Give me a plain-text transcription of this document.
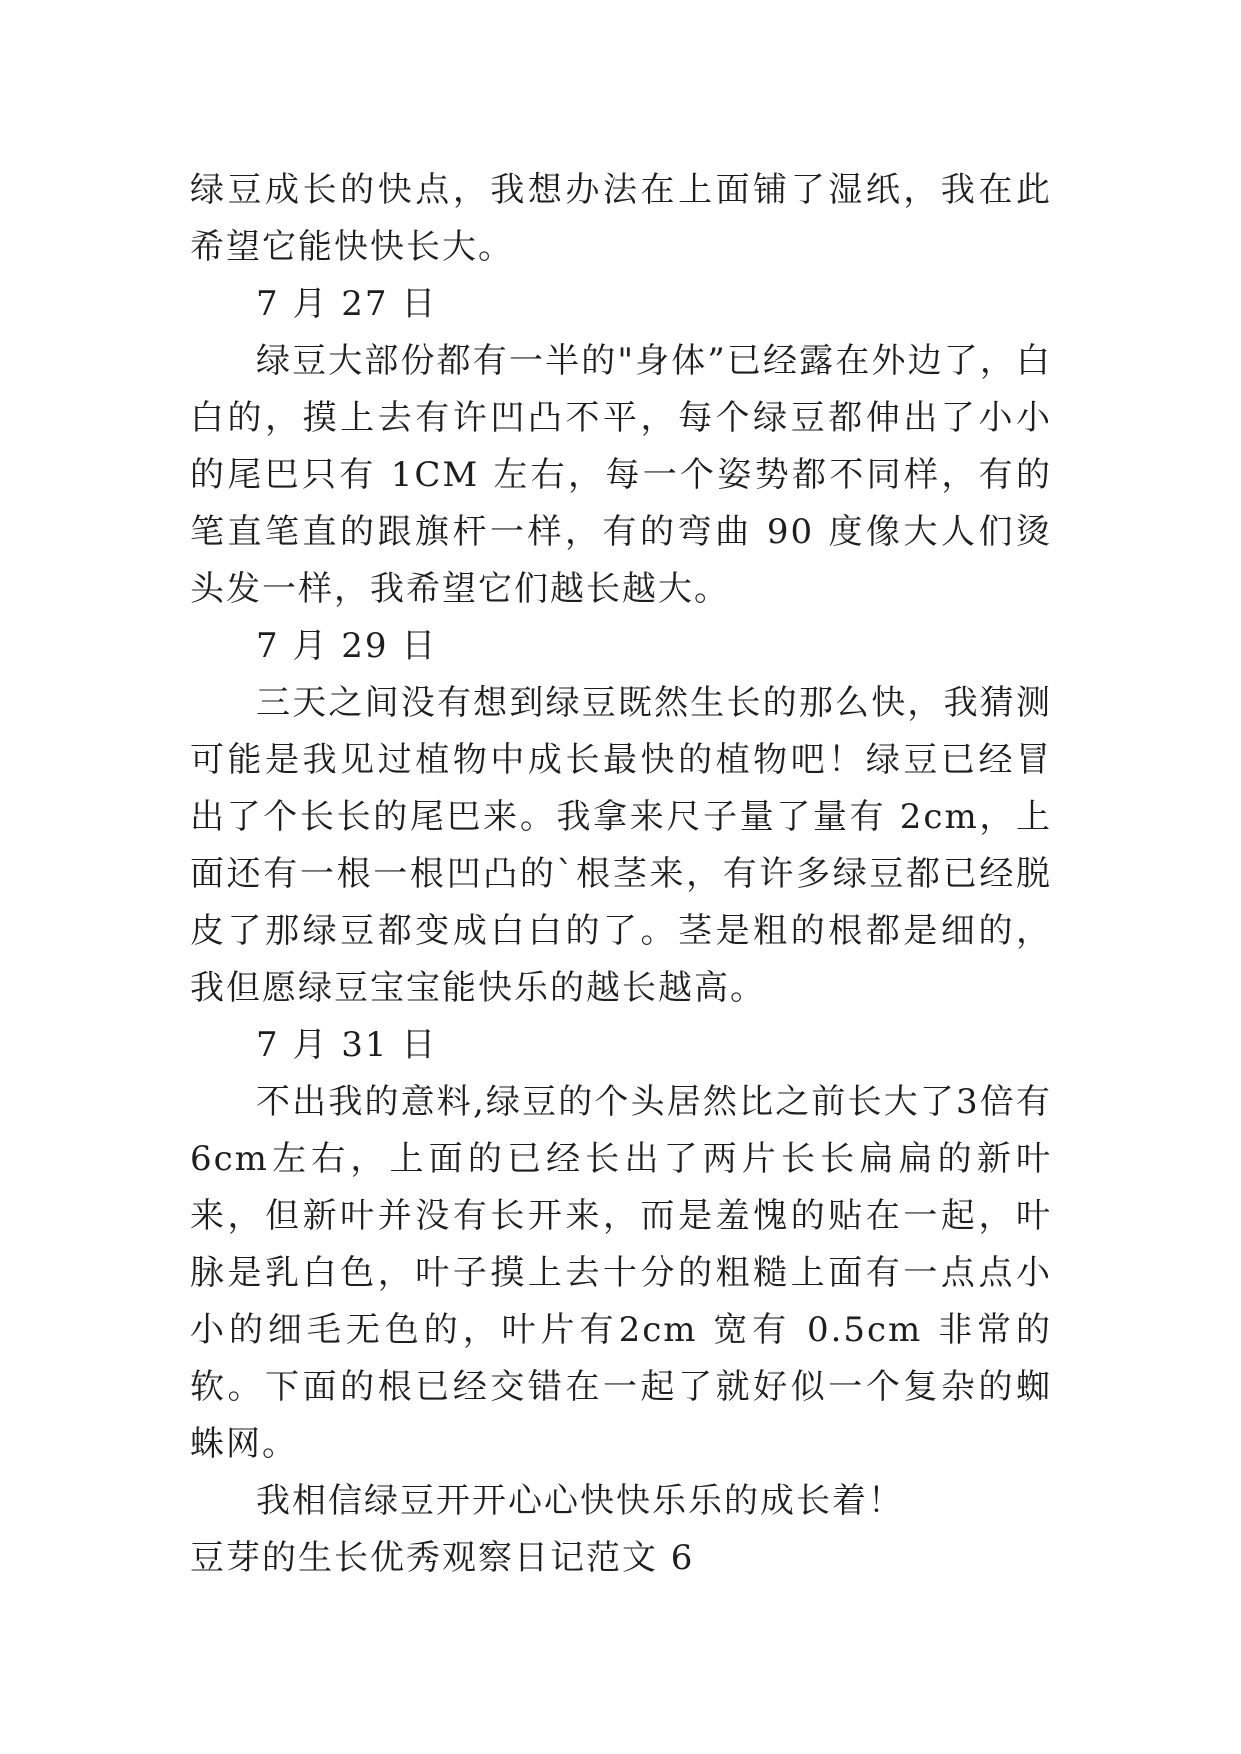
绿豆成长的快点，我想办法在上面铺了湿纸，我在此希望它能快快长大。

7 月 27 日

绿豆大部份都有一半的"身体”已经露在外边了，白白的，摸上去有许凹凸不平，每个绿豆都伸出了小小的尾巴只有 1CM 左右，每一个姿势都不同样，有的笔直笔直的跟旗杆一样，有的弯曲 90 度像大人们烫头发一样，我希望它们越长越大。

7 月 29 日

三天之间没有想到绿豆既然生长的那么快，我猜测可能是我见过植物中成长最快的植物吧！绿豆已经冒出了个长长的尾巴来。我拿来尺子量了量有 2cm，上面还有一根一根凹凸的`根茎来，有许多绿豆都已经脱皮了那绿豆都变成白白的了。茎是粗的根都是细的，我但愿绿豆宝宝能快乐的越长越高。

7 月 31 日

不出我的意料,绿豆的个头居然比之前长大了3倍有6cm左右，上面的已经长出了两片长长扁扁的新叶来，但新叶并没有长开来，而是羞愧的贴在一起，叶脉是乳白色，叶子摸上去十分的粗糙上面有一点点小小的细毛无色的，叶片有2cm 宽有 0.5cm 非常的软。下面的根已经交错在一起了就好似一个复杂的蜘蛛网。

我相信绿豆开开心心快快乐乐的成长着！

豆芽的生长优秀观察日记范文 6
